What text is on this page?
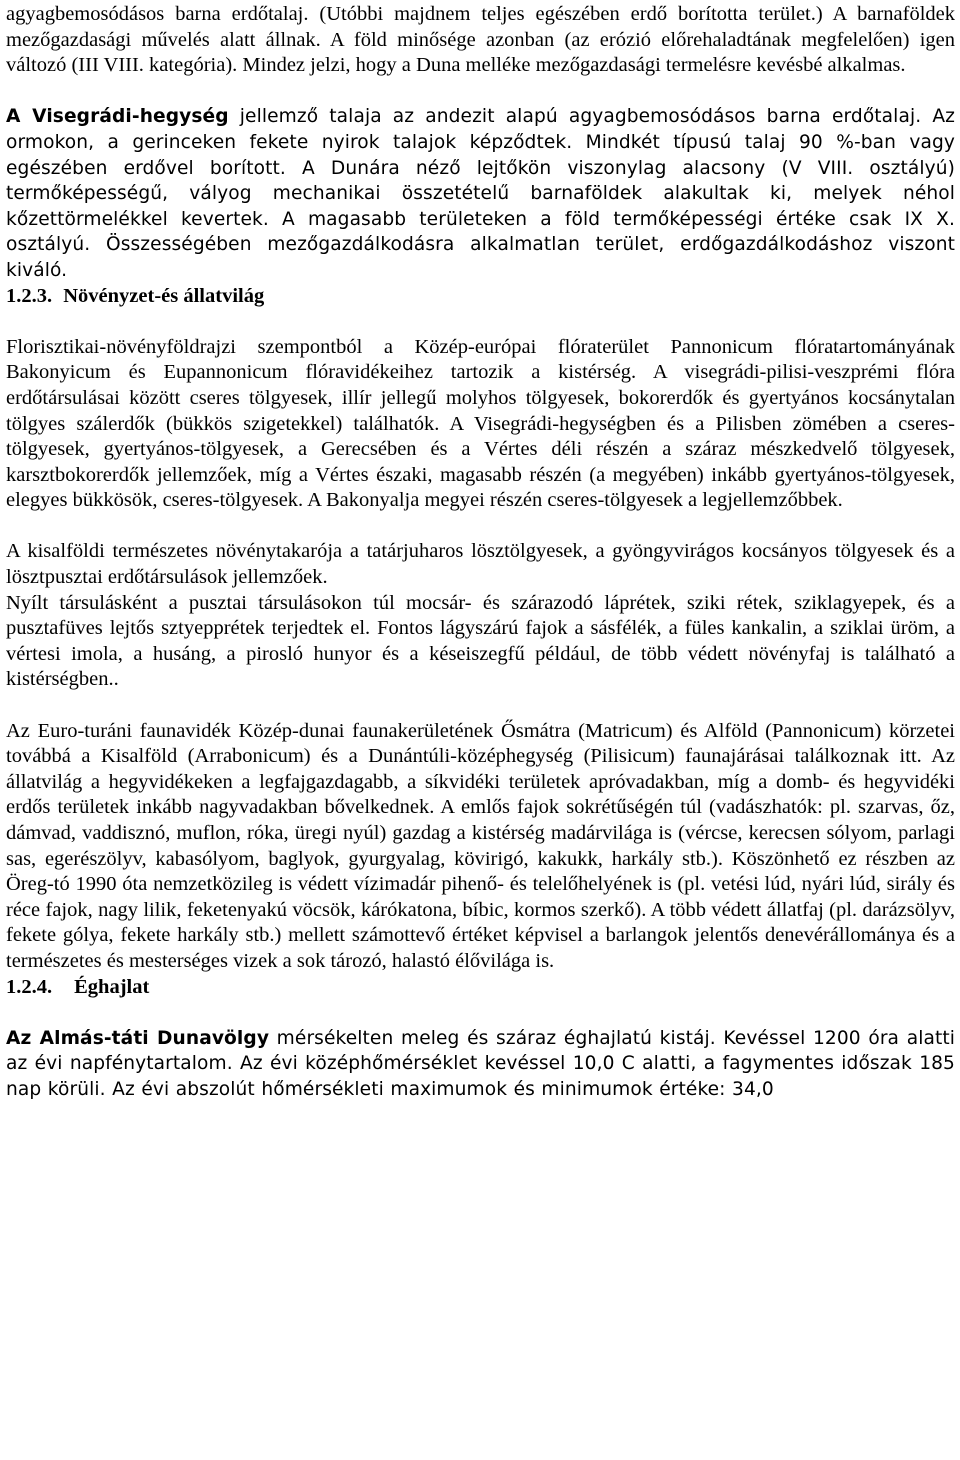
agyagbemosódásos barna erdőtalaj. (Utóbbi majdnem teljes egészében erdő borította terület.) A barnaföldek mezőgazdasági művelés alatt állnak. A föld minősége azonban (az erózió előrehaladtának megfelelően) igen változó (III VIII. kategória). Mindez jelzi, hogy a Duna melléke mezőgazdasági termelésre kevésbé alkalmas.

A Visegrádi-hegység jellemző talaja az andezit alapú agyagbemosódásos barna erdőtalaj. Az ormokon, a gerinceken fekete nyirok talajok képződtek. Mindkét típusú talaj 90 %-ban vagy egészében erdővel borított. A Dunára néző lejtőkön viszonylag alacsony (V VIII. osztályú) termőképességű, vályog mechanikai összetételű barnaföldek alakultak ki, melyek néhol kőzettörmelékkel kevertek. A magasabb területeken a föld termőképességi értéke csak IX X. osztályú. Összességében mezőgazdálkodásra alkalmatlan terület, erdőgazdálkodáshoz viszont kiváló.

1.2.3. Növényzet-és állatvilág

Florisztikai-növényföldrajzi szempontból a Közép-európai flóraterület Pannonicum flóratartományának Bakonyicum és Eupannonicum flóravidékeihez tartozik a kistérség. A visegrádi-pilisi-veszprémi flóra erdőtársulásai között cseres tölgyesek, illír jellegű molyhos tölgyesek, bokorerdők és gyertyános kocsánytalan tölgyes szálerdők (bükkös szigetekkel) találhatók. A Visegrádi-hegységben és a Pilisben zömében a cseres-tölgyesek, gyertyános-tölgyesek, a Gerecsében és a Vértes déli részén a száraz mészkedvelő tölgyesek, karsztbokorerdők jellemzőek, míg a Vértes északi, magasabb részén (a megyében) inkább gyertyános-tölgyesek, elegyes bükkösök, cseres-tölgyesek. A Bakonyalja megyei részén cseres-tölgyesek a legjellemzőbbek.

A kisalföldi természetes növénytakarója a tatárjuharos lösztölgyesek, a gyöngyvirágos kocsányos tölgyesek és a lösztpusztai erdőtársulások jellemzőek.

Nyílt társulásként a pusztai társulásokon túl mocsár- és szárazodó láprétek, sziki rétek, sziklagyepek, és a pusztafüves lejtős sztyepprétek terjedtek el. Fontos lágyszárú fajok a sásfélék, a füles kankalin, a sziklai üröm, a vértesi imola, a husáng, a pirosló hunyor és a késeiszegfű például, de több védett növényfaj is található a kistérségben..

Az Euro-turáni faunavidék Közép-dunai faunakerületének Ősmátra (Matricum) és Alföld (Pannonicum) körzetei továbbá a Kisalföld (Arrabonicum) és a Dunántúli-középhegység (Pilisicum) faunajárásai találkoznak itt. Az állatvilág a hegyvidékeken a legfajgazdagabb, a síkvidéki területek apróvadakban, míg a domb- és hegyvidéki erdős területek inkább nagyvadakban bővelkednek. A emlős fajok sokrétűségén túl (vadászhatók: pl. szarvas, őz, dámvad, vaddisznó, muflon, róka, üregi nyúl) gazdag a kistérség madárvilága is (vércse, kerecsen sólyom, parlagi sas, egerészölyv, kabasólyom, baglyok, gyurgyalag, kövirigó, kakukk, harkály stb.). Köszönhető ez részben az Öreg-tó 1990 óta nemzetközileg is védett vízimadár pihenő- és telelőhelyének is (pl. vetési lúd, nyári lúd, sirály és réce fajok, nagy lilik, feketenyakú vöcsök, kárókatona, bíbic, kormos szerkő). A több védett állatfaj (pl. darázsölyv, fekete gólya, fekete harkály stb.) mellett számottevő értéket képvisel a barlangok jelentős denevérállománya és a természetes és mesterséges vizek a sok tározó, halastó élővilága is.

1.2.4. Éghajlat

Az Almás-táti Dunavölgy mérsékelten meleg és száraz éghajlatú kistáj. Kevéssel 1200 óra alatti az évi napfénytartalom. Az évi középhőmérséklet kevéssel 10,0 C alatti, a fagymentes időszak 185 nap körüli. Az évi abszolút hőmérsékleti maximumok és minimumok értéke: 34,0
